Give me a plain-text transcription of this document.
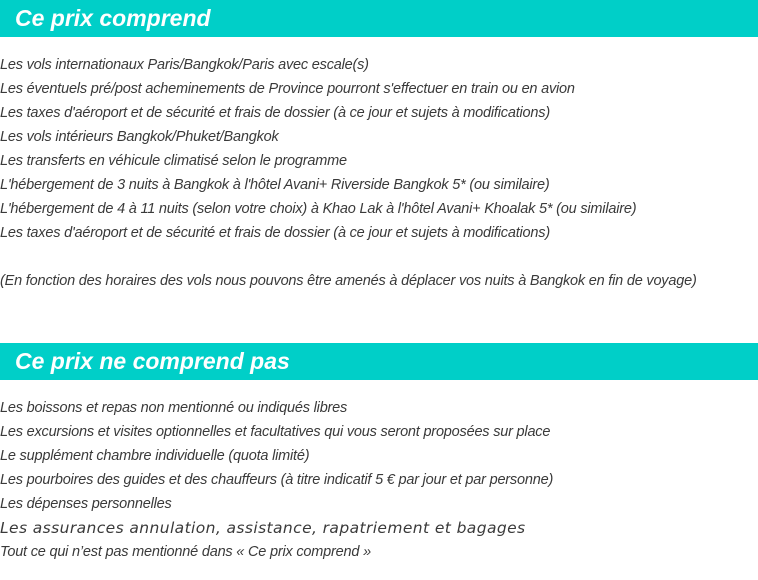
Ce prix comprend
Les vols internationaux Paris/Bangkok/Paris avec escale(s)
Les éventuels pré/post acheminements de Province pourront s'effectuer en train ou en avion
Les taxes d'aéroport et de sécurité et frais de dossier (à ce jour et sujets à modifications)
Les vols intérieurs Bangkok/Phuket/Bangkok
Les transferts en véhicule climatisé selon le programme
L'hébergement de 3 nuits à Bangkok à l'hôtel Avani+ Riverside Bangkok 5* (ou similaire)
L'hébergement de 4 à 11 nuits (selon votre choix) à Khao Lak à l'hôtel Avani+ Khoalak 5* (ou similaire)
Les taxes d'aéroport et de sécurité et frais de dossier (à ce jour et sujets à modifications)
(En fonction des horaires des vols nous pouvons être amenés à déplacer vos nuits à Bangkok en fin de voyage)
Ce prix ne comprend pas
Les boissons et repas non mentionné ou indiqués libres
Les excursions et visites optionnelles et facultatives qui vous seront proposées sur place
Le supplément chambre individuelle (quota limité)
Les pourboires des guides et des chauffeurs (à titre indicatif 5 € par jour et par personne)
Les dépenses personnelles
Les assurances annulation, assistance, rapatriement et bagages
Tout ce qui n’est pas mentionné dans « Ce prix comprend »
